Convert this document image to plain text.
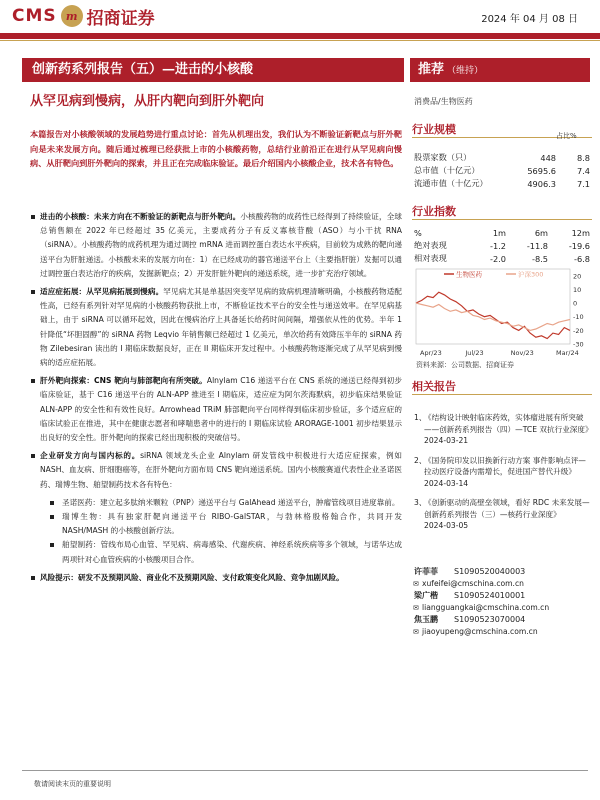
CMS m 招商证券	2024 年 04 月 08 日
创新药系列报告（五）—进击的小核酸	推荐 （维持）
从罕见病到慢病，从肝内靶向到肝外靶向	消费品/生物医药
本篇报告对小核酸领域的发展趋势进行重点讨论：首先从机理出发，我们认为不断验证新靶点与肝外靶向是未来发展方向。随后通过梳理已经获批上市的小核酸药物，总结行业前沿正在进行从罕见病向慢病、从肝靶向到肝外靶向的探索，并且正在完成临床验证。最后介绍国内小核酸企业，技术各有特色。
进击的小核酸：未来方向在不断验证的新靶点与肝外靶向。小核酸药物的成药性已经得到了持续验证，全球总销售额在 2022 年已经超过 35 亿美元，主要成药分子有反义寡核苷酸（ASO）与小干扰 RNA（siRNA）。小核酸药物的成药机理为通过调控 mRNA 进而调控蛋白表达水平疾病，目前较为成熟的靶向递送平台为肝脏递送。小核酸未来的发展方向在：1）在已经成功的器官递送平台上（主要指肝脏）发掘可以通过调控蛋白表达治疗的疾病，发掘新靶点；2）开发肝脏外靶向的递送系统，进一步扩充治疗领域。
适应症拓展：从罕见病拓展到慢病。罕见病尤其是单基因突变罕见病的致病机理清晰明确，小核酸药物适配性高，已经有系列针对罕见病的小核酸药物获批上市，不断验证技术平台的安全性与递送效率。在罕见病基础上，由于 siRNA 可以循环起效，因此在慢病治疗上具备延长给药时间间隔，增强依从性的优势。半年 1 针降低“坏胆固醇”的 siRNA 药物 Leqvio 年销售额已经超过 1 亿美元，单次给药有效降压半年的 siRNA 药物 Zilebesiran 读出的 I 期临床数据良好，正在 II 期临床开发过程中。小核酸药物逐渐完成了从罕见病到慢病的适应症拓展。
肝外靶向探索：CNS 靶向与肺部靶向有所突破。Alnylam C16 递送平台在 CNS 系统的递送已经得到初步临床验证，基于 C16 递送平台的 ALN-APP 推进至 I 期临床，适应症为阿尔茨海默病，初步临床结果验证 ALN-APP 的安全性和有效性良好。Arrowhead TRiM 肺部靶向平台同样得到临床初步验证，多个适应症的临床试验正在推进，其中在健康志愿者和哮喘患者中的进行的 I 期临床试验 ARORAGE-1001 初步结果显示出良好的安全性。肝外靶向的探索已经出现积极的突破信号。
企业研发方向与国内标的。siRNA 领域龙头企业 Alnylam 研发管线中积极进行大适应症探索，例如 NASH、血友病、肝细胞癌等，在肝外靶向方面布局 CNS 靶向递送系统。国内小核酸赛道代表性企业圣诺医药、瑞博生物、舶望制药技术各有特色：
圣诺医药：建立起多肽纳米颗粒（PNP）递送平台与 GalAhead 递送平台，肿瘤管线项目进度靠前。
瑞博生物：具有独家肝靶向递送平台 RIBO-GalSTAR，与勃林格殷格翰合作，共同开发 NASH/MASH 的小核酸创新疗法。
舶望制药：管线布局心血管、罕见病、病毒感染、代谢疾病、神经系统疾病等多个领域，与诺华达成两项针对心血管疾病的小核酸项目合作。
风险提示：研发不及预期风险、商业化不及预期风险、支付政策变化风险、竞争加剧风险。
行业规模	占比%
股票家数（只）	448	8.8
总市值（十亿元）	5695.6	7.4
流通市值（十亿元）	4906.3	7.1
行业指数
%	1m	6m	12m
绝对表现	-1.2	-11.8	-19.6
相对表现	-2.0	-8.5	-6.8
20
10
0
-10
-20
-30
Apr/23	Jul/23	Nov/23	Mar/24
生物医药	沪深300
资料来源：公司数据、招商证券
相关报告
1、
《结构设计映射临床药效，实体瘤进展有所突破——创新药系列报告（四）—TCE 双抗行业深度》
2024-03-21
2、
《国务院印发以旧换新行动方案 事件影响点评—拉动医疗设备内需增长，促进国产替代升级》
2024-03-14
3、
《创新驱动的高壁垒领域，看好 RDC 未来发展—创新药系列报告（三）—核药行业深度》
2024-03-05
许菲菲	S1090520040003
✉ xufeifei@cmschina.com.cn
梁广楷	S1090524010001
✉ liangguangkai@cmschina.com.cn
焦玉鹏	S1090523070004
✉ jiaoyupeng@cmschina.com.cn
敬请阅读末页的重要说明
